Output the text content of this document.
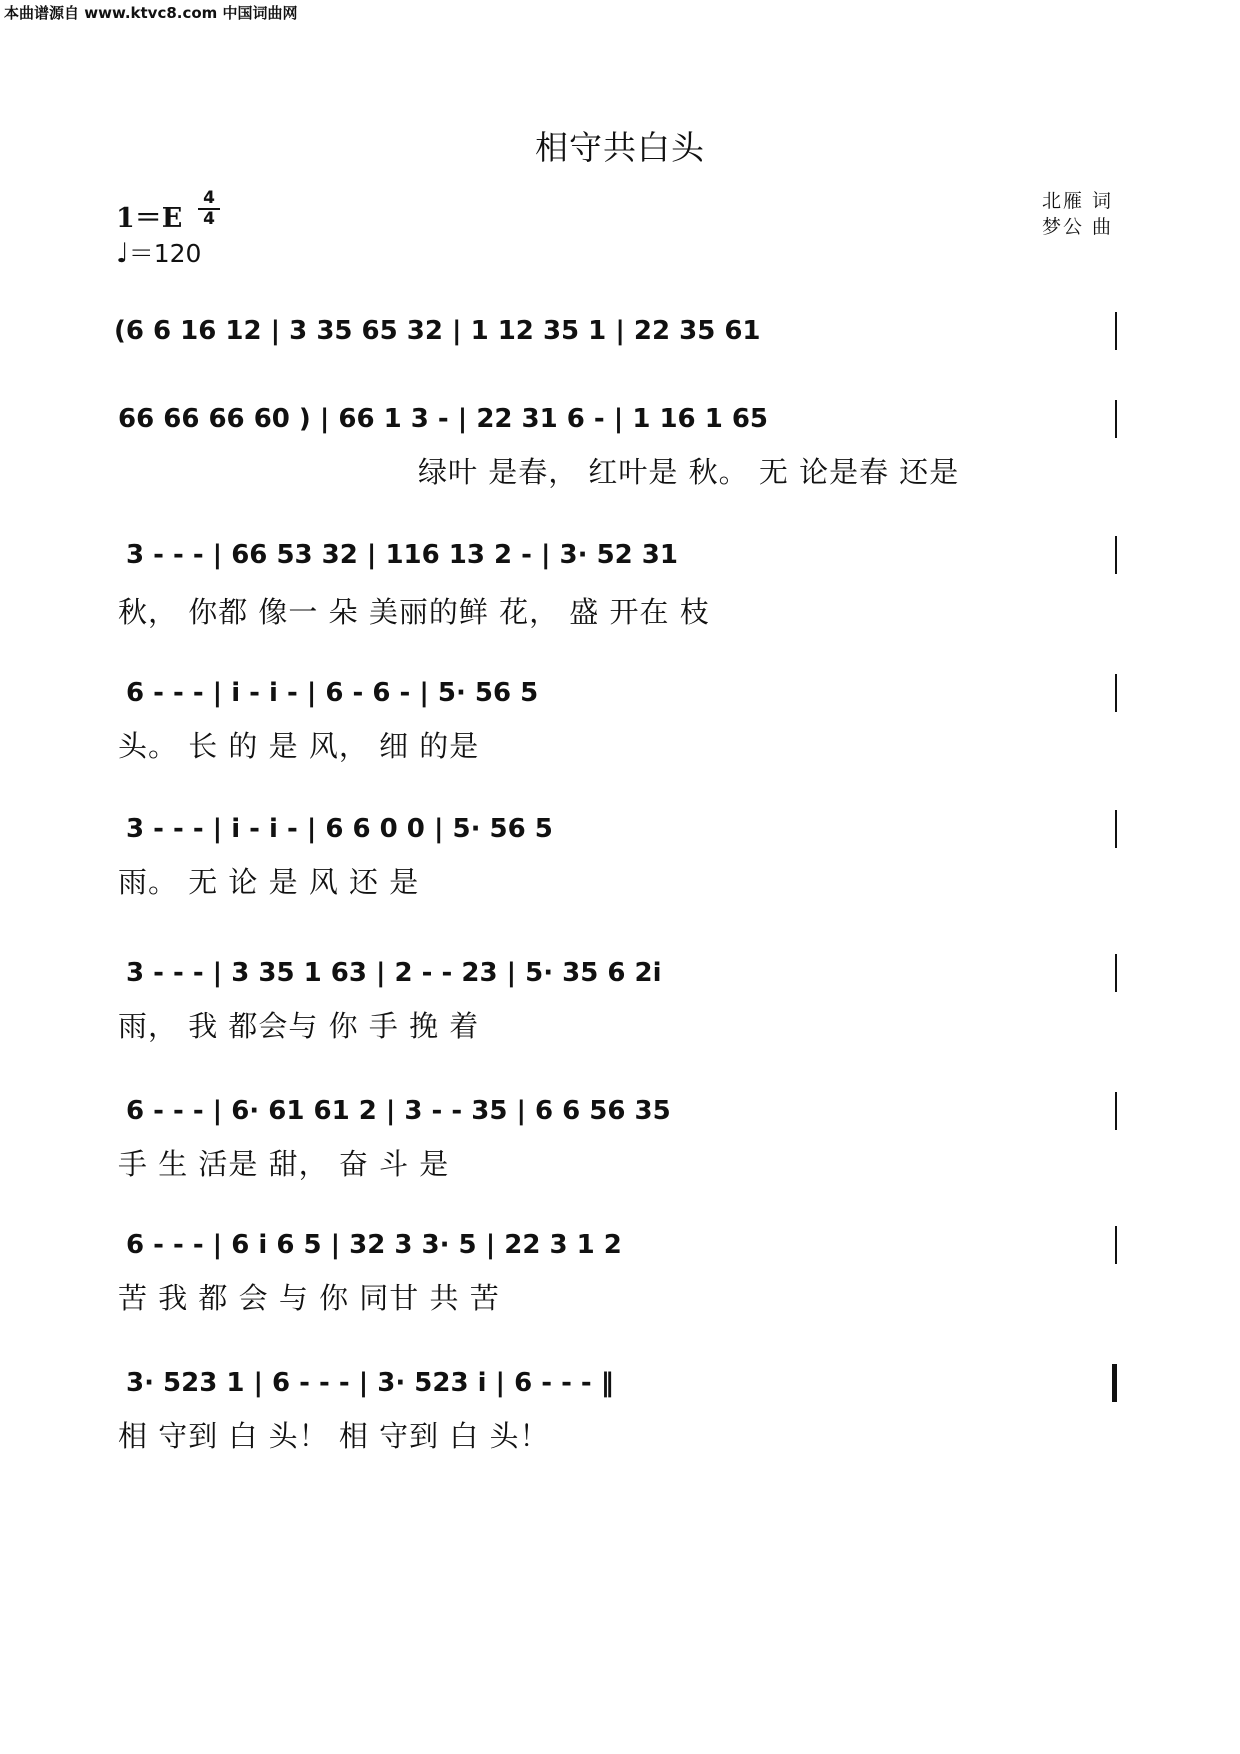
本曲谱源自 www.ktvc8.com 中国词曲网
相守共白头
1＝E
4
4
♩＝120
北雁 词
梦公 曲
(6 6 16 12 | 3 35 65 32 | 1 12 35 1 | 22 35 61
66 66 66 60 ) | 66 1 3 - | 22 31 6 - | 1 16 1 65
绿叶 是春， 红叶是 秋。 无 论是春 还是
3 - - - | 66 53 32 | 116 13 2 - | 3· 52 31
秋， 你都 像一 朵 美丽的鲜 花， 盛 开在 枝
6 - - - | i - i - | 6 - 6 - | 5· 56 5
头。 长 的 是 风， 细 的是
3 - - - | i - i - | 6 6 0 0 | 5· 56 5
雨。 无 论 是 风 还 是
3 - - - | 3 35 1 63 | 2 - - 23 | 5· 35 6 2i
雨， 我 都会与 你 手 挽 着
6 - - - | 6· 61 61 2 | 3 - - 35 | 6 6 56 35
手 生 活是 甜， 奋 斗 是
6 - - - | 6 i 6 5 | 32 3 3· 5 | 22 3 1 2
苦 我 都 会 与 你 同甘 共 苦
3· 523 1 | 6 - - - | 3· 523 i | 6 - - - ‖
相 守到 白 头！ 相 守到 白 头！
